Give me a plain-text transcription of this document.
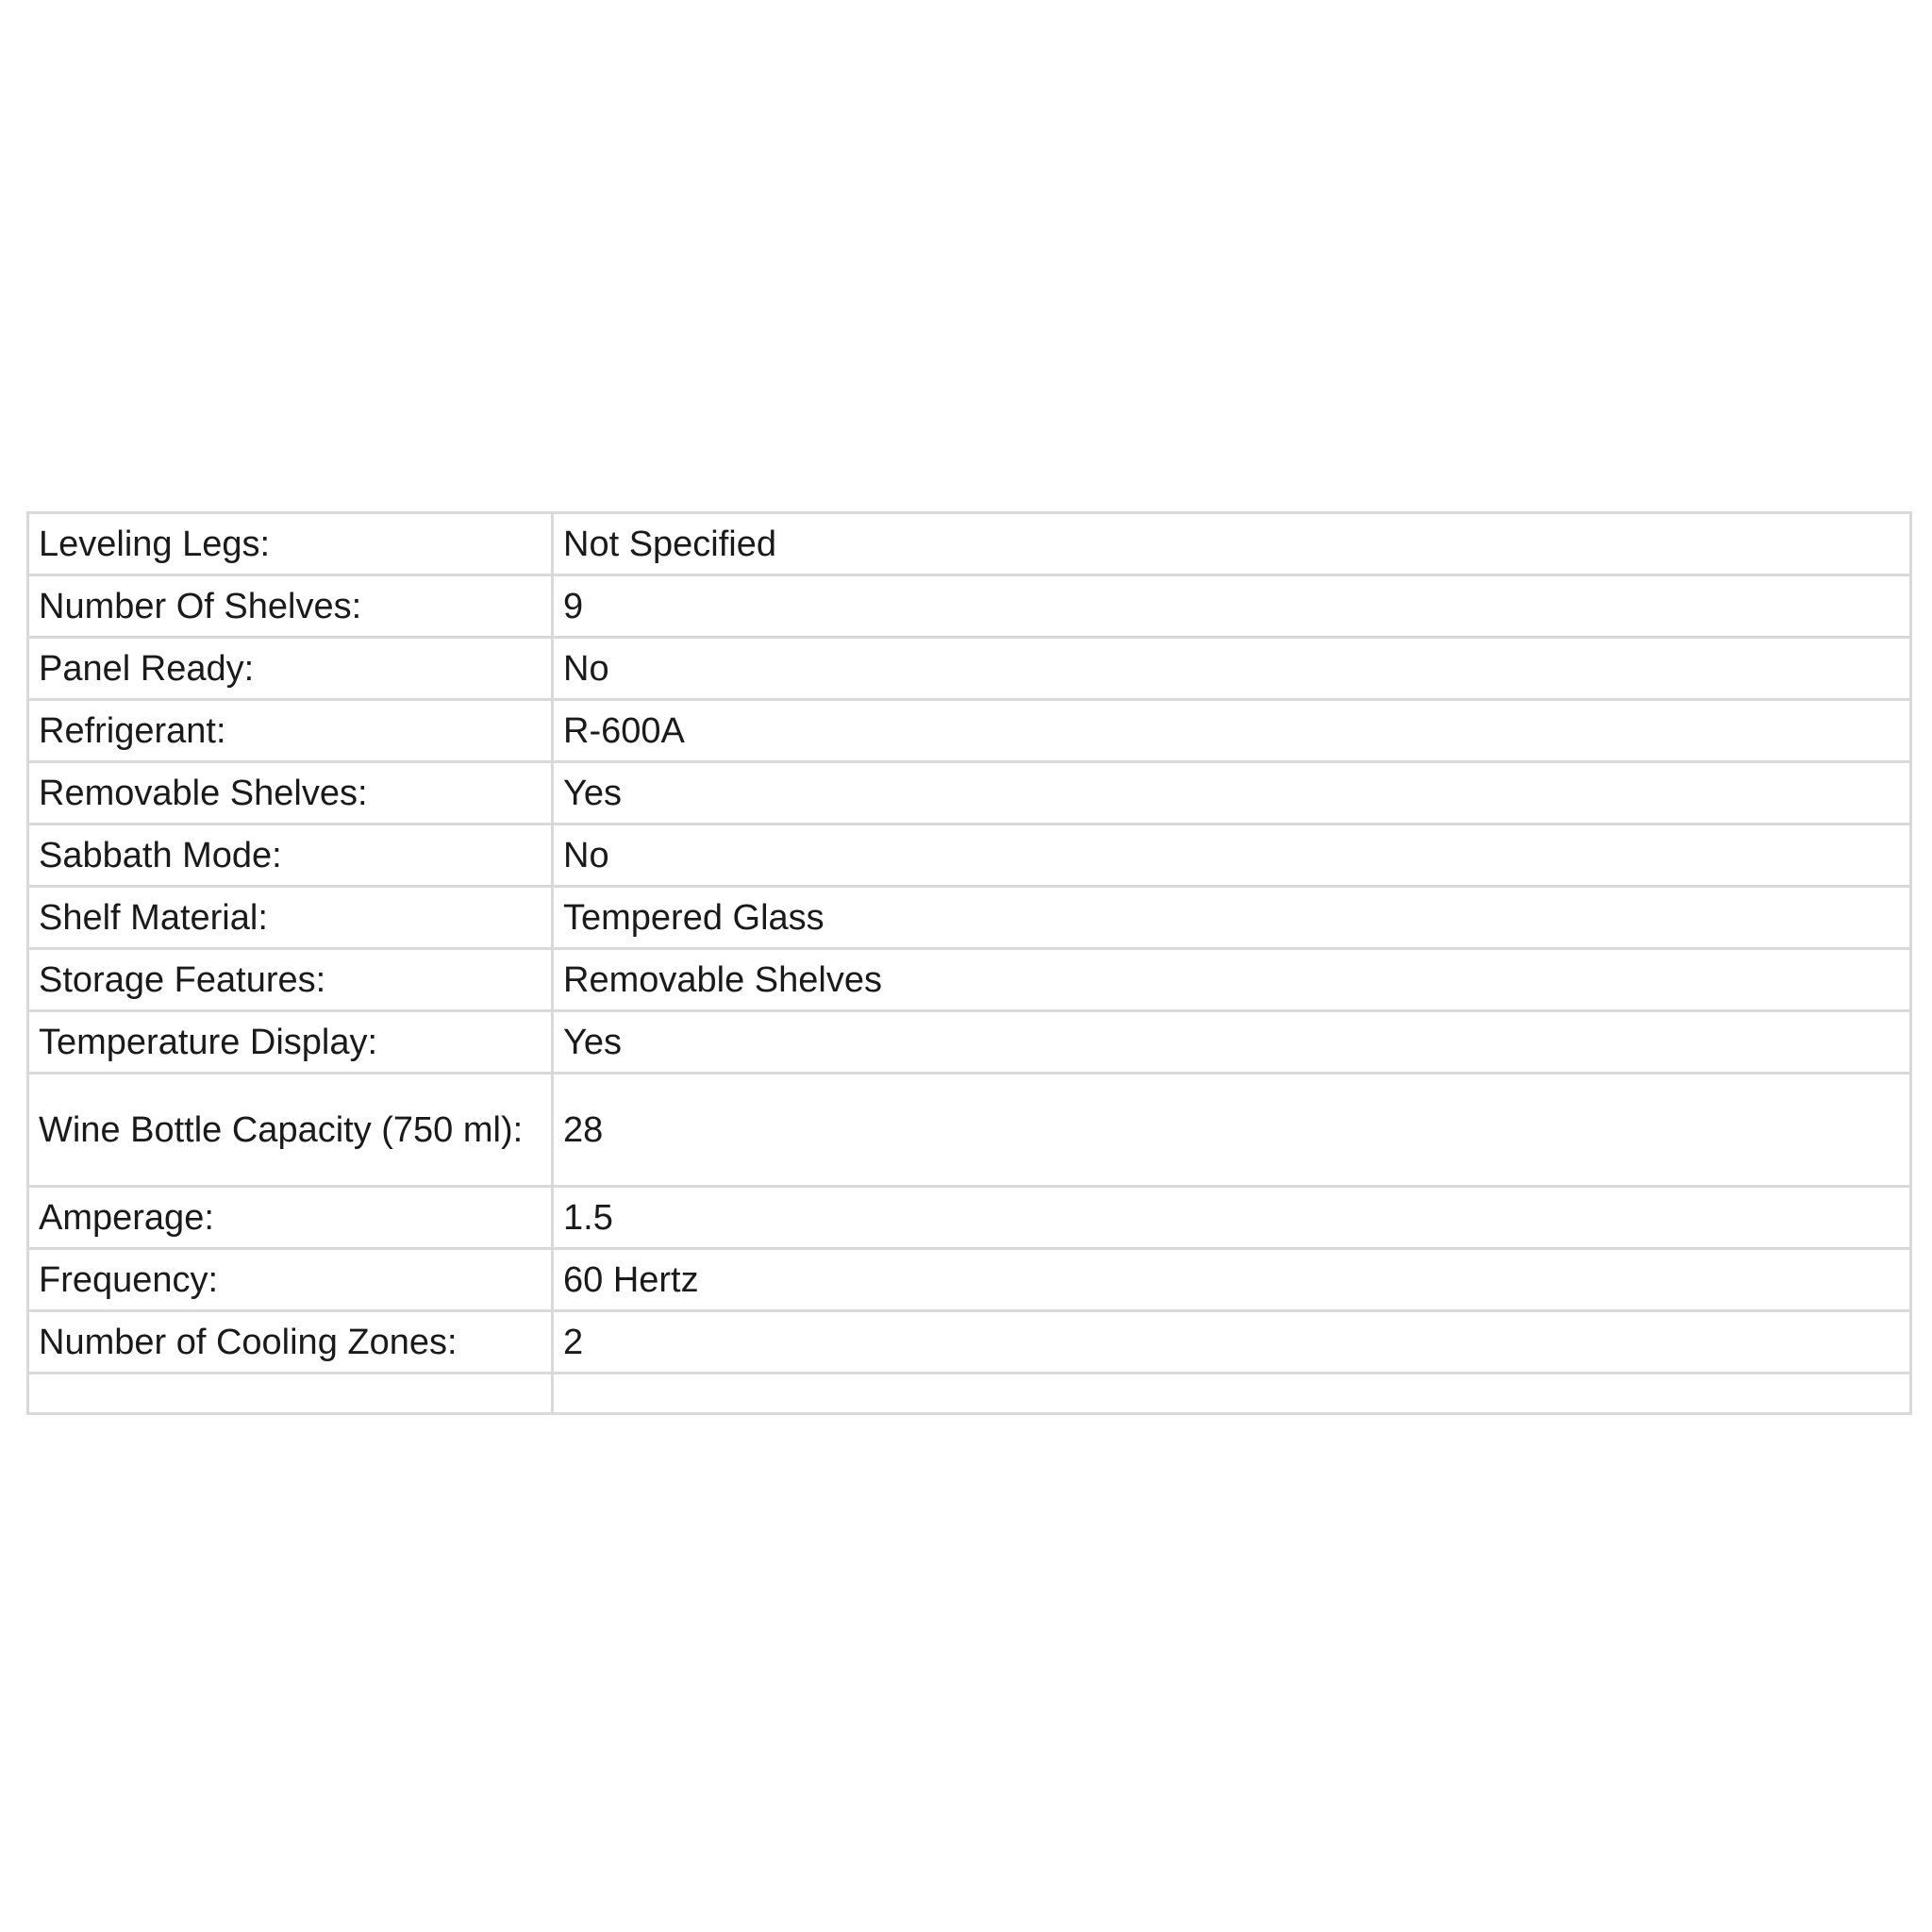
Leveling Legs:	Not Specified
Number Of Shelves:	9
Panel Ready:	No
Refrigerant:	R-600A
Removable Shelves:	Yes
Sabbath Mode:	No
Shelf Material:	Tempered Glass
Storage Features:	Removable Shelves
Temperature Display:	Yes
Wine Bottle Capacity (750 ml):	28
Amperage:	1.5
Frequency:	60 Hertz
Number of Cooling Zones:	2
